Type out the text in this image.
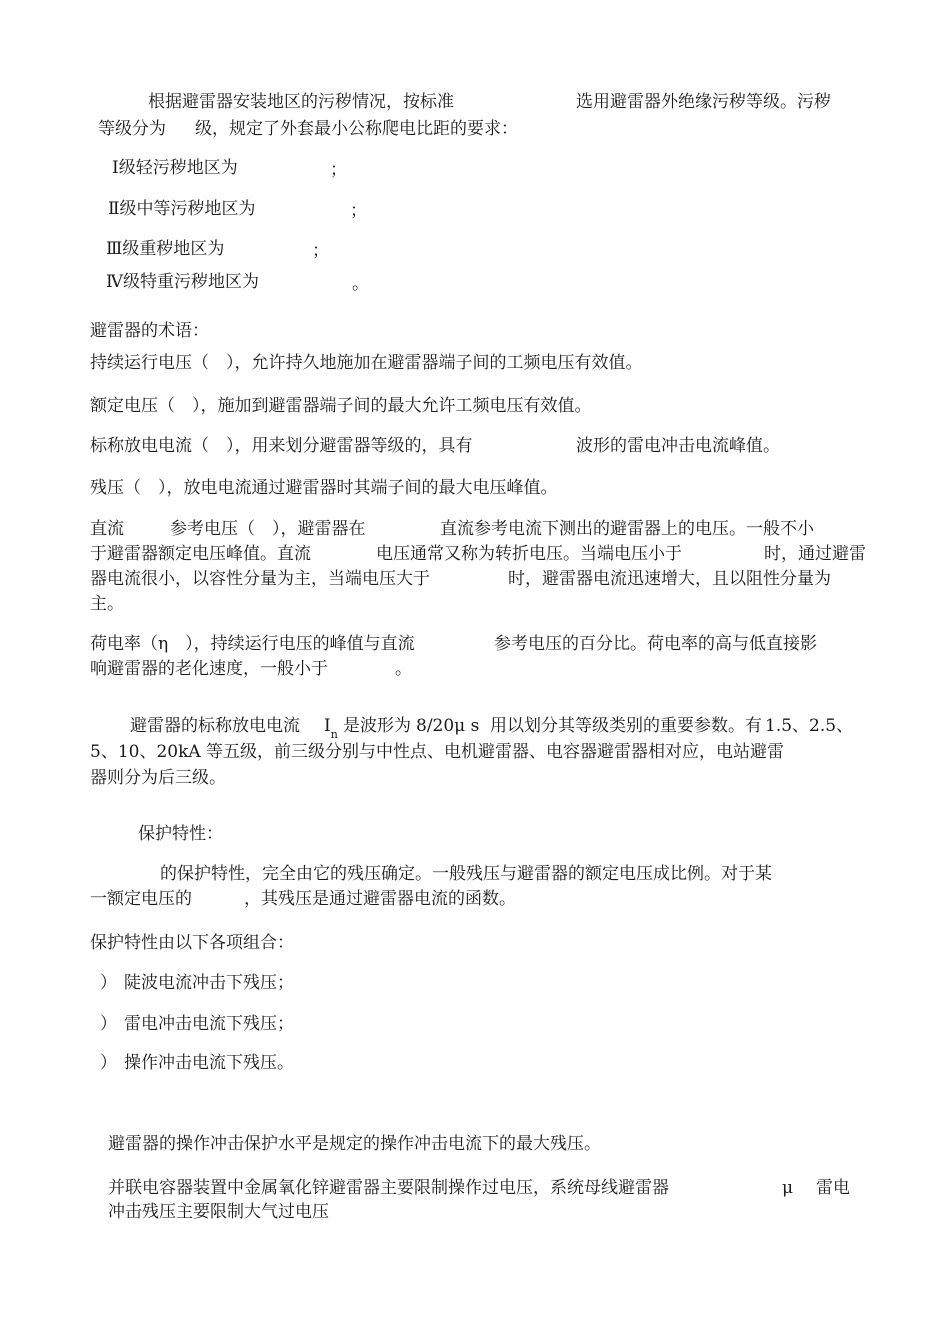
根据避雷器安装地区的污秽情况，按标准	选用避雷器外绝缘污秽等级。污秽
等级分为 级，规定了外套最小公称爬电比距的要求：
Ⅰ级轻污秽地区为	；
Ⅱ级中等污秽地区为	；
Ⅲ级重秽地区为	；
Ⅳ级特重污秽地区为	。
避雷器的术语：
持续运行电压（　），允许持久地施加在避雷器端子间的工频电压有效值。
额定电压（　），施加到避雷器端子间的最大允许工频电压有效值。
标称放电电流（　），用来划分避雷器等级的，具有	波形的雷电冲击电流峰值。
残压（　），放电电流通过避雷器时其端子间的最大电压峰值。
直流	参考电压（　），避雷器在	直流参考电流下测出的避雷器上的电压。一般不小
于避雷器额定电压峰值。直流	电压通常又称为转折电压。当端电压小于	时，通过避雷
器电流很小，以容性分量为主，当端电压大于	时，避雷器电流迅速增大，且以阻性分量为
主。
荷电率（η　），持续运行电压的峰值与直流	参考电压的百分比。荷电率的高与低直接影
响避雷器的老化速度，一般小于	。
避雷器的标称放电电流 $I_n$ 是波形为 8/20μ s 用以划分其等级类别的重要参数。有 1.5、2.5、
5、10、20kA 等五级，前三级分别与中性点、电机避雷器、电容器避雷器相对应，电站避雷
器则分为后三级。
保护特性：
的保护特性，完全由它的残压确定。一般残压与避雷器的额定电压成比例。对于某
一额定电压的	，其残压是通过避雷器电流的函数。
保护特性由以下各项组合：
） 陡波电流冲击下残压；
） 雷电冲击电流下残压；
） 操作冲击电流下残压。
避雷器的操作冲击保护水平是规定的操作冲击电流下的最大残压。
并联电容器装置中金属氧化锌避雷器主要限制操作过电压，系统母线避雷器	μ 雷电
冲击残压主要限制大气过电压
